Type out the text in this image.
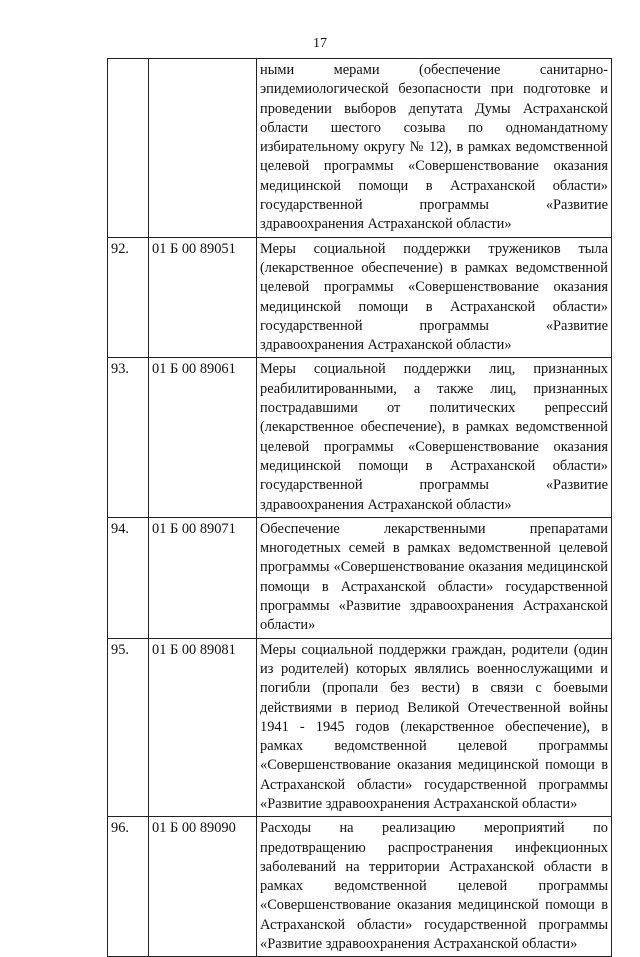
17
		ными мерами (обеспечение санитарно-эпидемиологической безопасности при подготовке и проведении выборов депутата Думы Астраханской области шестого созыва по одномандатному избирательному округу № 12), в рамках ведомственной целевой программы «Совершенствование оказания медицинской помощи в Астраханской области» государственной программы «Развитие здравоохранения Астраханской области»
92.	01 Б 00 89051	Меры социальной поддержки тружеников тыла (лекарственное обеспечение) в рамках ведомственной целевой программы «Совершенствование оказания медицинской помощи в Астраханской области» государственной программы «Развитие здравоохранения Астраханской области»
93.	01 Б 00 89061	Меры социальной поддержки лиц, признанных реабилитированными, а также лиц, признанных пострадавшими от политических репрессий (лекарственное обеспечение), в рамках ведомственной целевой программы «Совершенствование оказания медицинской помощи в Астраханской области» государственной программы «Развитие здравоохранения Астраханской области»
94.	01 Б 00 89071	Обеспечение лекарственными препаратами многодетных семей в рамках ведомственной целевой программы «Совершенствование оказания медицинской помощи в Астраханской области» государственной программы «Развитие здравоохранения Астраханской области»
95.	01 Б 00 89081	Меры социальной поддержки граждан, родители (один из родителей) которых являлись военнослужащими и погибли (пропали без вести) в связи с боевыми действиями в период Великой Отечественной войны 1941 - 1945 годов (лекарственное обеспечение), в рамках ведомственной целевой программы «Совершенствование оказания медицинской помощи в Астраханской области» государственной программы «Развитие здравоохранения Астраханской области»
96.	01 Б 00 89090	Расходы на реализацию мероприятий по предотвращению распространения инфекционных заболеваний на территории Астраханской области в рамках ведомственной целевой программы «Совершенствование оказания медицинской помощи в Астраханской области» государственной программы «Развитие здравоохранения Астраханской области»
